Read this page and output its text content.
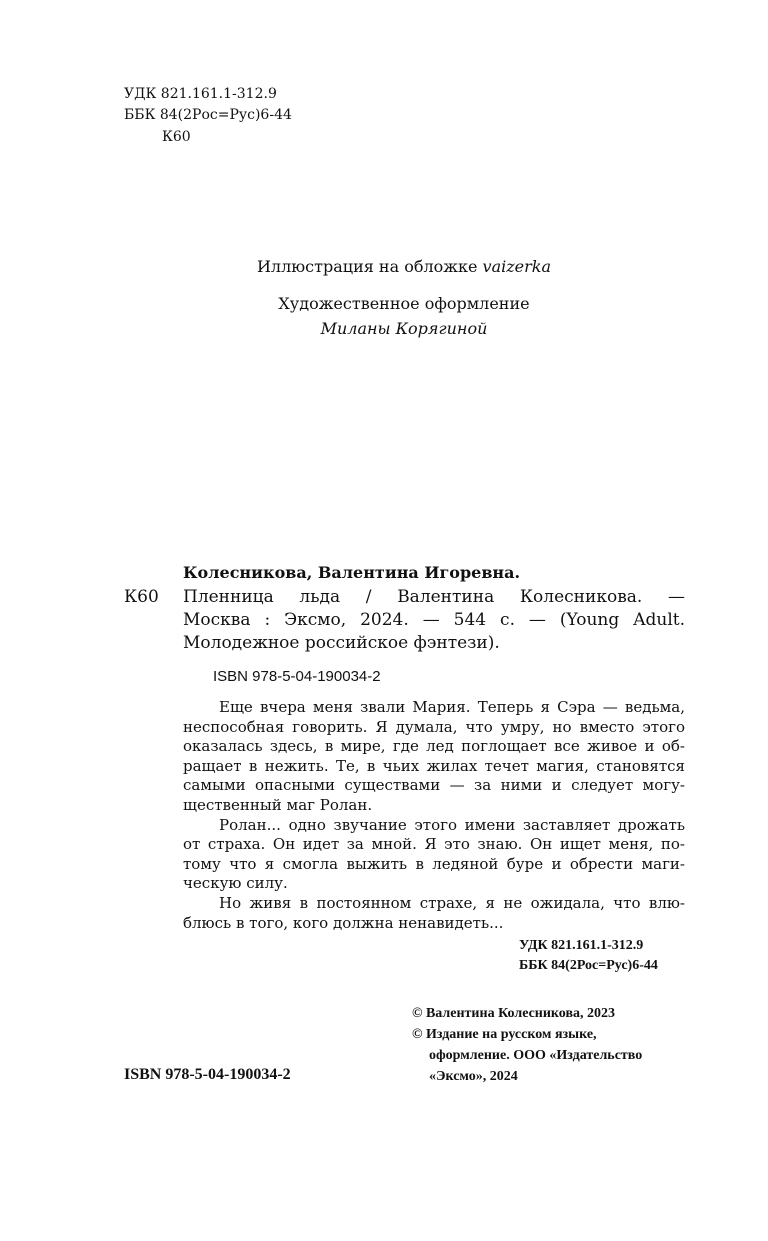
УДК 821.161.1-312.9
ББК 84(2Рос=Рус)6-44
К60
Иллюстрация на обложке vaizerka
Художественное оформление
Миланы Корягиной
Колесникова, Валентина Игоревна.
К60 Пленница льда / Валентина Колесникова. —
Москва : Эксмо, 2024. — 544 с. — (Young Adult.
Молодежное российское фэнтези).
ISBN 978-5-04-190034-2
Еще вчера меня звали Мария. Теперь я Сэра — ведьма,
неспособная говорить. Я думала, что умру, но вместо этого
оказалась здесь, в мире, где лед поглощает все живое и об-
ращает в нежить. Те, в чьих жилах течет магия, становятся
самыми опасными существами — за ними и следует могу-
щественный маг Ролан.
Ролан... одно звучание этого имени заставляет дрожать
от страха. Он идет за мной. Я это знаю. Он ищет меня, по-
тому что я смогла выжить в ледяной буре и обрести маги-
ческую силу.
Но живя в постоянном страхе, я не ожидала, что влю-
блюсь в того, кого должна ненавидеть...
УДК 821.161.1-312.9
ББК 84(2Рос=Рус)6-44
© Валентина Колесникова, 2023
© Издание на русском языке,
оформление. ООО «Издательство
«Эксмо», 2024
ISBN 978-5-04-190034-2
